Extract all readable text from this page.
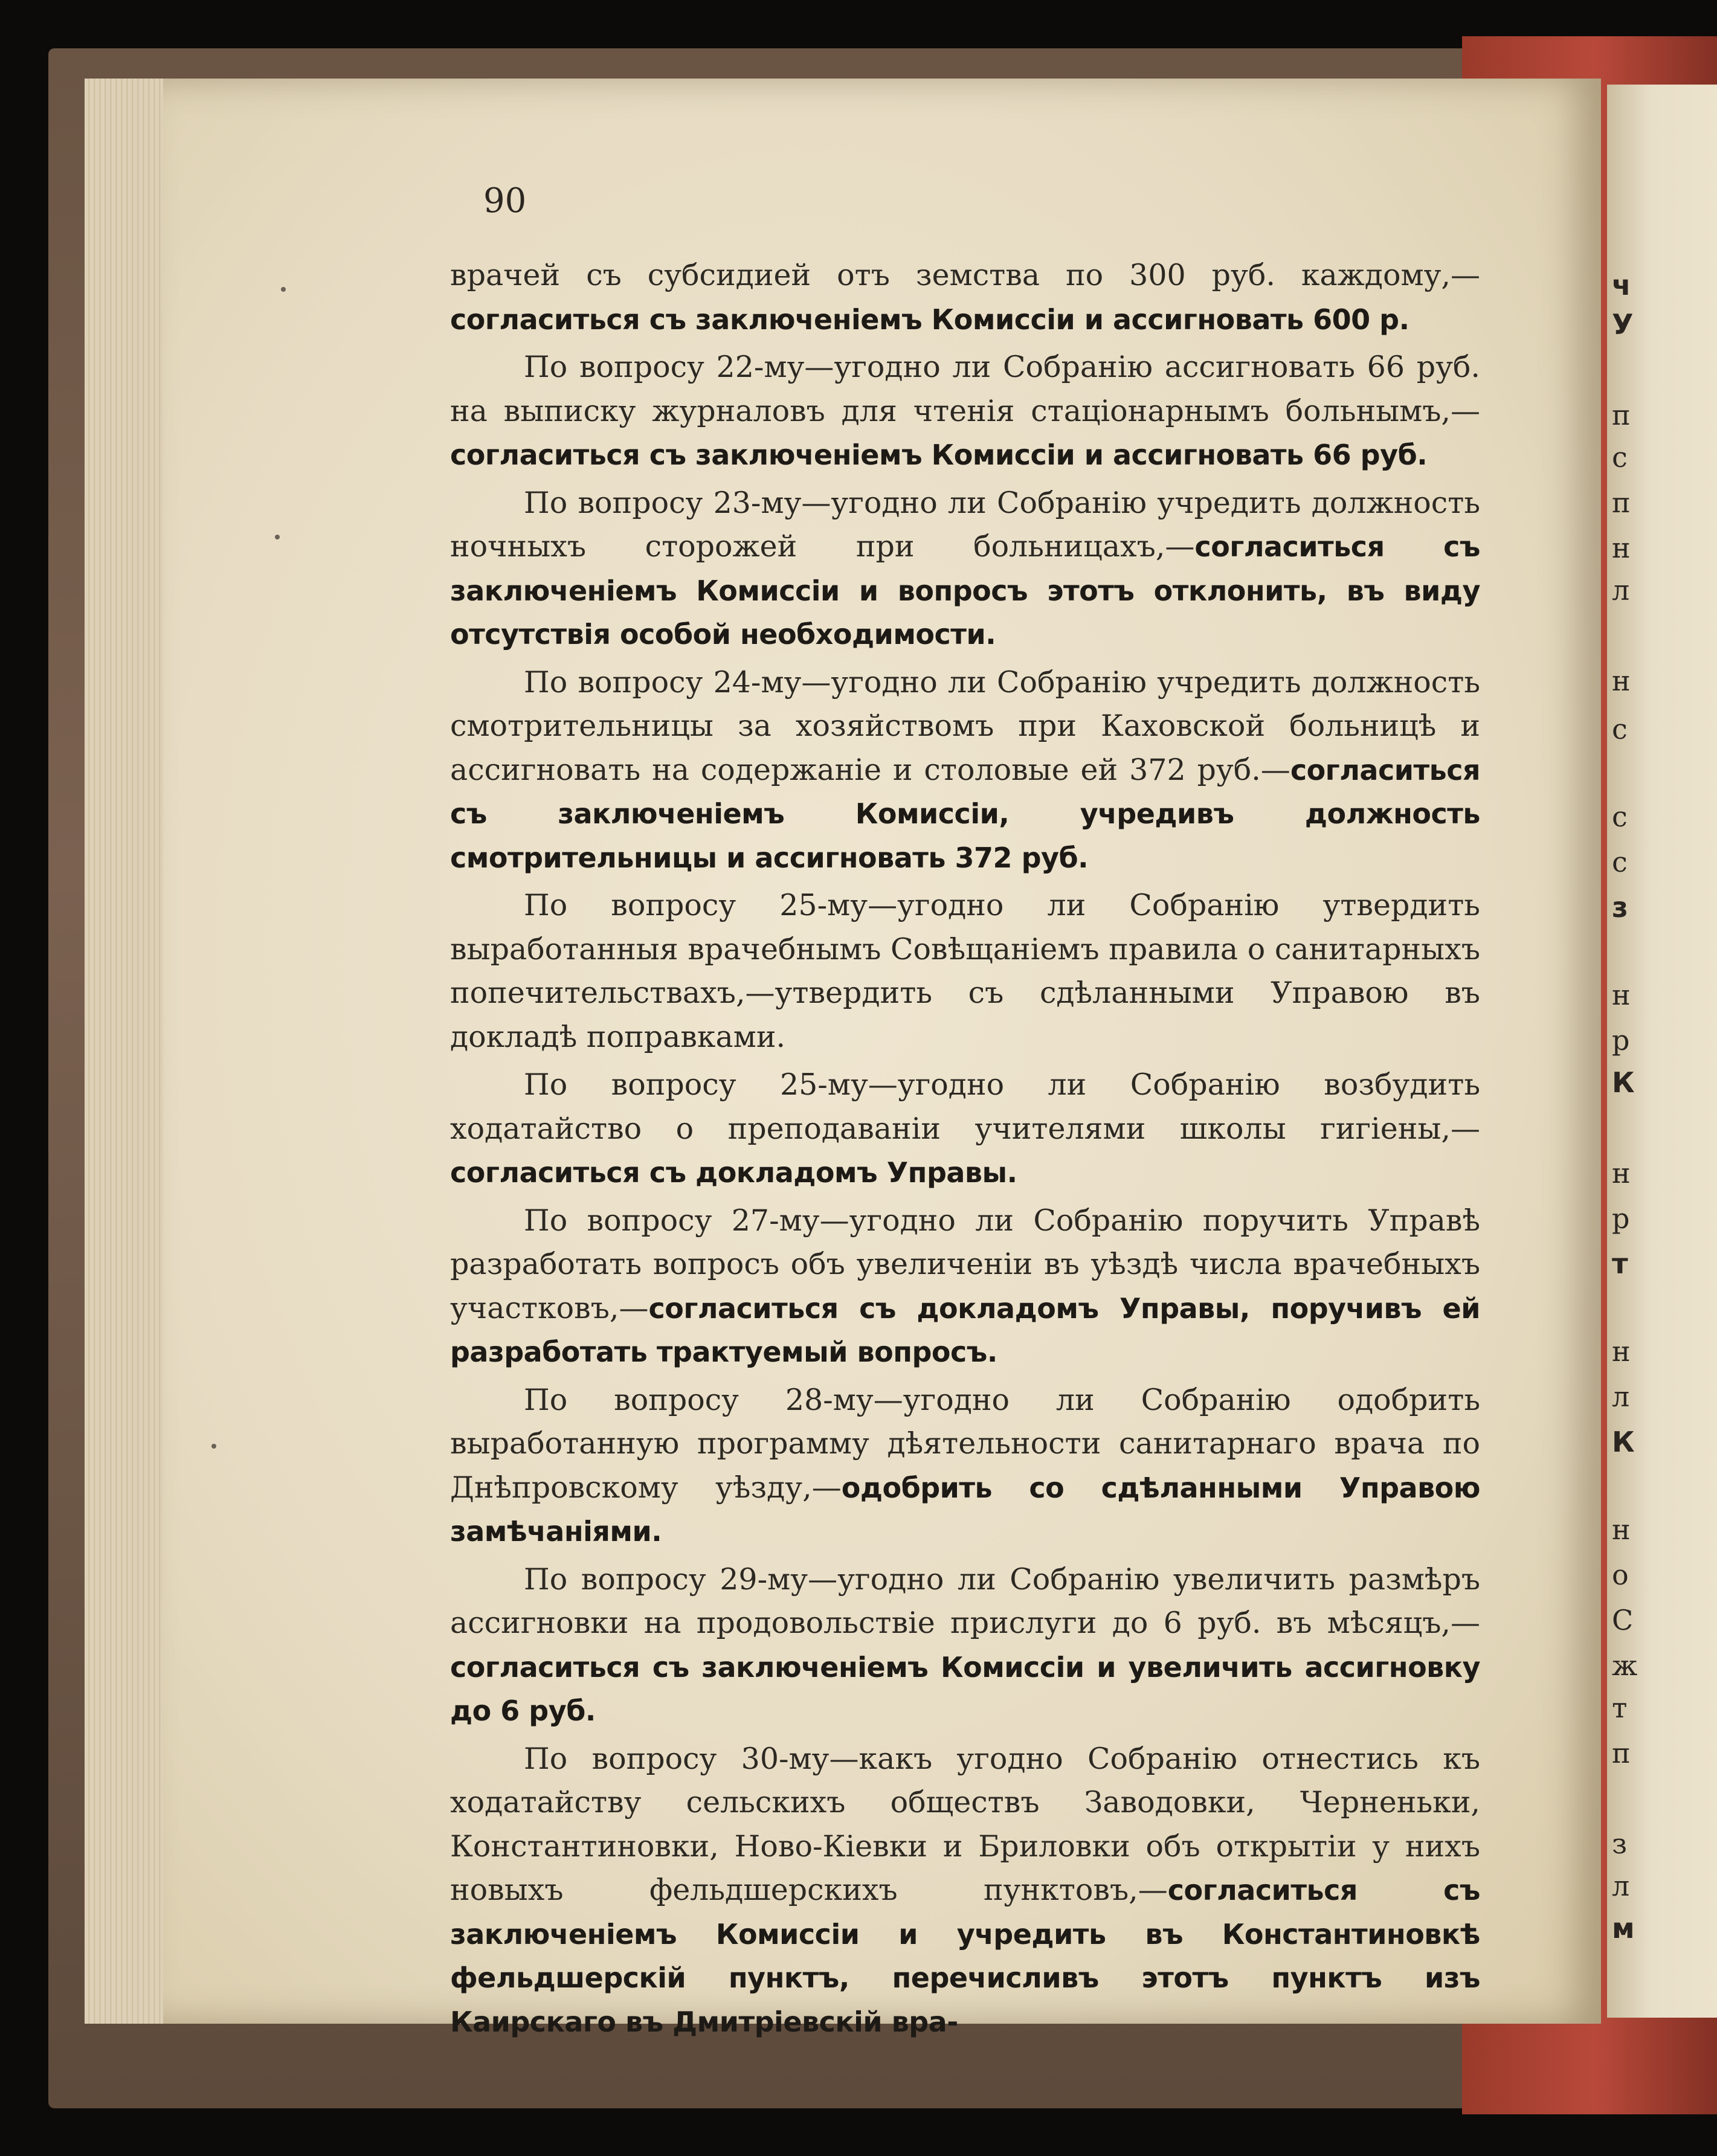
90

врачей съ субсидией отъ земства по 300 руб. каждому,—согласиться съ заключеніемъ Комиссіи и ассигновать 600 р.

По вопросу 22-му—угодно ли Собранію ассигновать 66 руб. на выписку журналовъ для чтенія стаціонарнымъ больнымъ,—согласиться съ заключеніемъ Комиссіи и ассигновать 66 руб.

По вопросу 23-му—угодно ли Собранію учредить должность ночныхъ сторожей при больницахъ,—согласиться съ заключеніемъ Комиссіи и вопросъ этотъ отклонить, въ виду отсутствія особой необходимости.

По вопросу 24-му—угодно ли Собранію учредить должность смотрительницы за хозяйствомъ при Каховской больницѣ и ассигновать на содержаніе и столовые ей 372 руб.—согласиться съ заключеніемъ Комиссіи, учредивъ должность смотрительницы и ассигновать 372 руб.

По вопросу 25-му—угодно ли Собранію утвердить выработанныя врачебнымъ Совѣщаніемъ правила о санитарныхъ попечительствахъ,—утвердить съ сдѣланными Управою въ докладѣ поправками.

По вопросу 25-му—угодно ли Собранію возбудить ходатайство о преподаваніи учителями школы гигіены,—согласиться съ докладомъ Управы.

По вопросу 27-му—угодно ли Собранію поручить Управѣ разработать вопросъ объ увеличеніи въ уѣздѣ числа врачебныхъ участковъ,—согласиться съ докладомъ Управы, поручивъ ей разработать трактуемый вопросъ.

По вопросу 28-му—угодно ли Собранію одобрить выработанную программу дѣятельности санитарнаго врача по Днѣпровскому уѣзду,—одобрить со сдѣланными Управою замѣчаніями.

По вопросу 29-му—угодно ли Собранію увеличить размѣръ ассигновки на продовольствіе прислуги до 6 руб. въ мѣсяцъ,—согласиться съ заключеніемъ Комиссіи и увеличить ассигновку до 6 руб.

По вопросу 30-му—какъ угодно Собранію отнестись къ ходатайству сельскихъ обществъ Заводовки, Черненьки, Константиновки, Ново-Кіевки и Бриловки объ открытіи у нихъ новыхъ фельдшерскихъ пунктовъ,—согласиться съ заключеніемъ Комиссіи и учредить въ Константиновкѣ фельдшерскій пунктъ, перечисливъ этотъ пунктъ изъ Каирскаго въ Дмитріевскій вра-

ч

У

п

с

п

н

л

н

с

с

с

з

н

р

К

н

р

т

н

л

К

н

о

С

ж

т

п

з

л

м
